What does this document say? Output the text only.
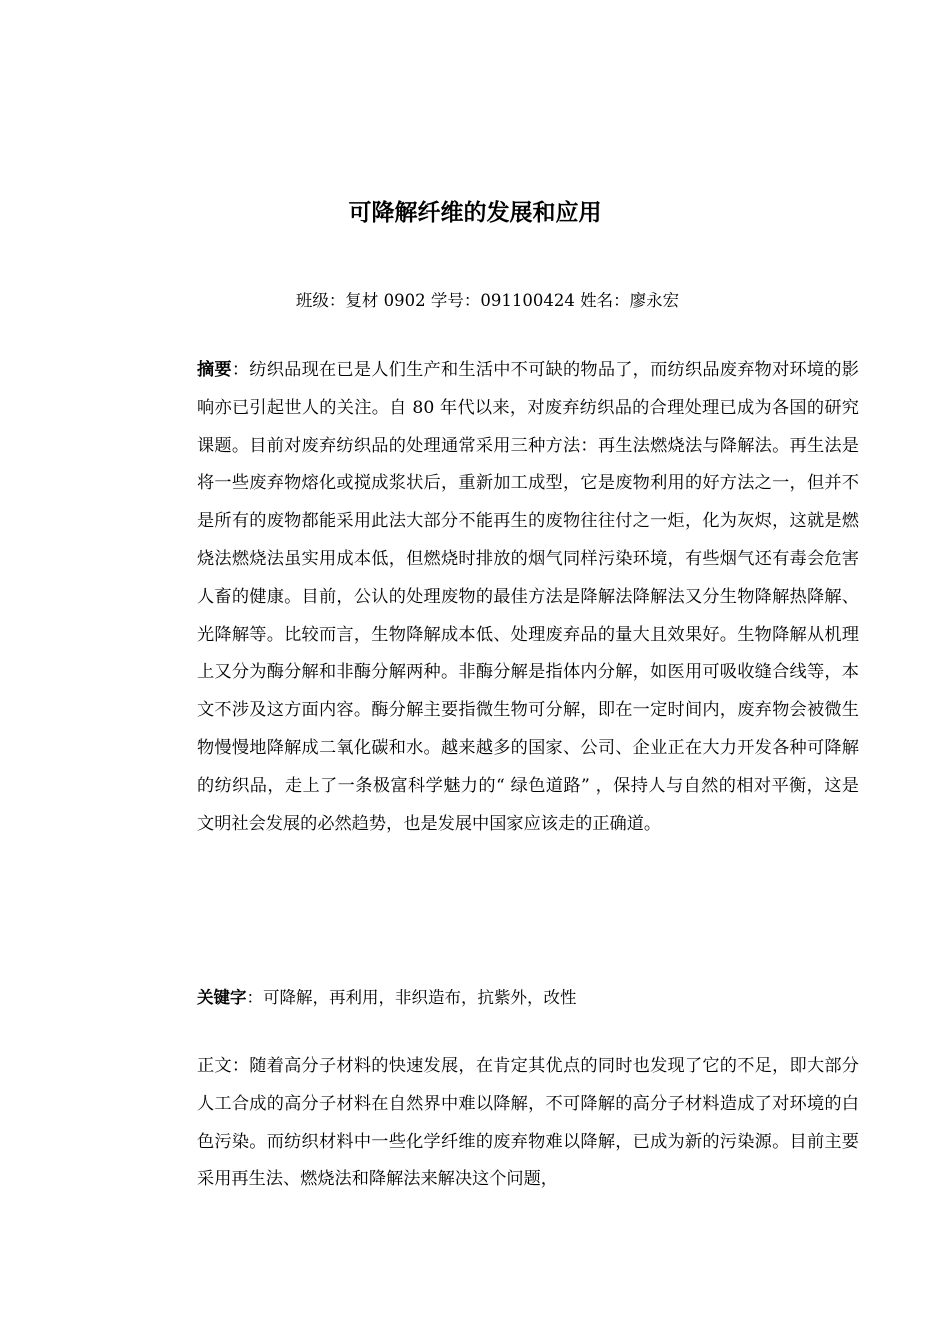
可降解纤维的发展和应用
班级：复材 0902 学号：091100424 姓名：廖永宏

摘要：纺织品现在已是人们生产和生活中不可缺的物品了，而纺织品废弃物对环境的影响亦已引起世人的关注。自 80 年代以来，对废弃纺织品的合理处理已成为各国的研究课题。目前对废弃纺织品的处理通常采用三种方法：再生法燃烧法与降解法。再生法是将一些废弃物熔化或搅成浆状后，重新加工成型，它是废物利用的好方法之一，但并不是所有的废物都能采用此法大部分不能再生的废物往往付之一炬，化为灰烬，这就是燃烧法燃烧法虽实用成本低，但燃烧时排放的烟气同样污染环境，有些烟气还有毒会危害人畜的健康。目前，公认的处理废物的最佳方法是降解法降解法又分生物降解热降解、光降解等。比较而言，生物降解成本低、处理废弃品的量大且效果好。生物降解从机理上又分为酶分解和非酶分解两种。非酶分解是指体内分解，如医用可吸收缝合线等，本文不涉及这方面内容。酶分解主要指微生物可分解，即在一定时间内，废弃物会被微生物慢慢地降解成二氧化碳和水。越来越多的国家、公司、企业正在大力开发各种可降解的纺织品，走上了一条极富科学魅力的“ 绿色道路” ，保持人与自然的相对平衡，这是文明社会发展的必然趋势，也是发展中国家应该走的正确道。

关键字：可降解，再利用，非织造布，抗紫外，改性

正文：随着高分子材料的快速发展，在肯定其优点的同时也发现了它的不足，即大部分人工合成的高分子材料在自然界中难以降解，不可降解的高分子材料造成了对环境的白色污染。而纺织材料中一些化学纤维的废弃物难以降解，已成为新的污染源。目前主要采用再生法、燃烧法和降解法来解决这个问题，
